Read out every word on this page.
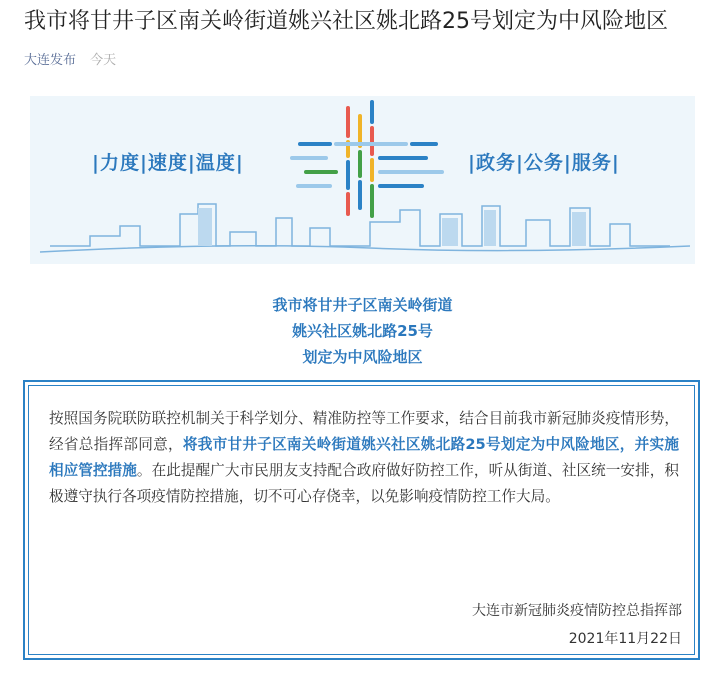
我市将甘井子区南关岭街道姚兴社区姚北路25号划定为中风险地区
大连发布 今天
|力度|速度|温度|	|政务|公务|服务|
我市将甘井子区南关岭街道
姚兴社区姚北路25号
划定为中风险地区
按照国务院联防联控机制关于科学划分、精准防控等工作要求，结合目前我市新冠肺炎疫情形势，经省总指挥部同意，将我市甘井子区南关岭街道姚兴社区姚北路25号划定为中风险地区，并实施相应管控措施。在此提醒广大市民朋友支持配合政府做好防控工作，听从街道、社区统一安排，积极遵守执行各项疫情防控措施，切不可心存侥幸，以免影响疫情防控工作大局。
大连市新冠肺炎疫情防控总指挥部
2021年11月22日
